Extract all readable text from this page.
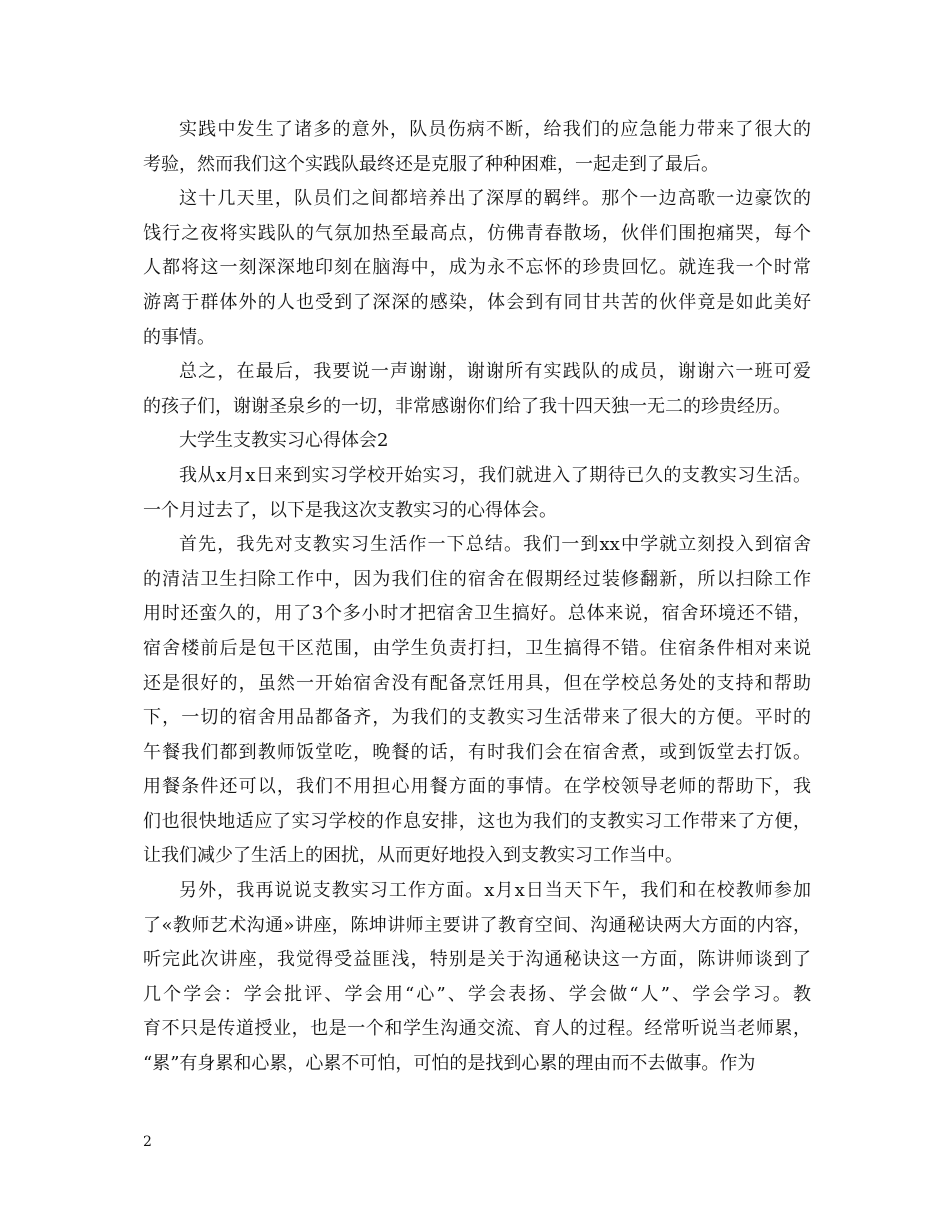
实践中发生了诸多的意外，队员伤病不断，给我们的应急能力带来了很大的
考验，然而我们这个实践队最终还是克服了种种困难，一起走到了最后。
这十几天里，队员们之间都培养出了深厚的羁绊。那个一边高歌一边豪饮的
饯行之夜将实践队的气氛加热至最高点，仿佛青春散场，伙伴们围抱痛哭，每个
人都将这一刻深深地印刻在脑海中，成为永不忘怀的珍贵回忆。就连我一个时常
游离于群体外的人也受到了深深的感染，体会到有同甘共苦的伙伴竟是如此美好
的事情。
总之，在最后，我要说一声谢谢，谢谢所有实践队的成员，谢谢六一班可爱
的孩子们，谢谢圣泉乡的一切，非常感谢你们给了我十四天独一无二的珍贵经历。
大学生支教实习心得体会2
我从x月x日来到实习学校开始实习，我们就进入了期待已久的支教实习生活。
一个月过去了，以下是我这次支教实习的心得体会。
首先，我先对支教实习生活作一下总结。我们一到xx中学就立刻投入到宿舍
的清洁卫生扫除工作中，因为我们住的宿舍在假期经过装修翻新，所以扫除工作
用时还蛮久的，用了3个多小时才把宿舍卫生搞好。总体来说，宿舍环境还不错，
宿舍楼前后是包干区范围，由学生负责打扫，卫生搞得不错。住宿条件相对来说
还是很好的，虽然一开始宿舍没有配备烹饪用具，但在学校总务处的支持和帮助
下，一切的宿舍用品都备齐，为我们的支教实习生活带来了很大的方便。平时的
午餐我们都到教师饭堂吃，晚餐的话，有时我们会在宿舍煮，或到饭堂去打饭。
用餐条件还可以，我们不用担心用餐方面的事情。在学校领导老师的帮助下，我
们也很快地适应了实习学校的作息安排，这也为我们的支教实习工作带来了方便，
让我们减少了生活上的困扰，从而更好地投入到支教实习工作当中。
另外，我再说说支教实习工作方面。x月x日当天下午，我们和在校教师参加
了«教师艺术沟通»讲座，陈坤讲师主要讲了教育空间、沟通秘诀两大方面的内容，
听完此次讲座，我觉得受益匪浅，特别是关于沟通秘诀这一方面，陈讲师谈到了
几个学会：学会批评、学会用“心”、学会表扬、学会做“人”、学会学习。教
育不只是传道授业，也是一个和学生沟通交流、育人的过程。经常听说当老师累，
“累”有身累和心累，心累不可怕，可怕的是找到心累的理由而不去做事。作为
2
